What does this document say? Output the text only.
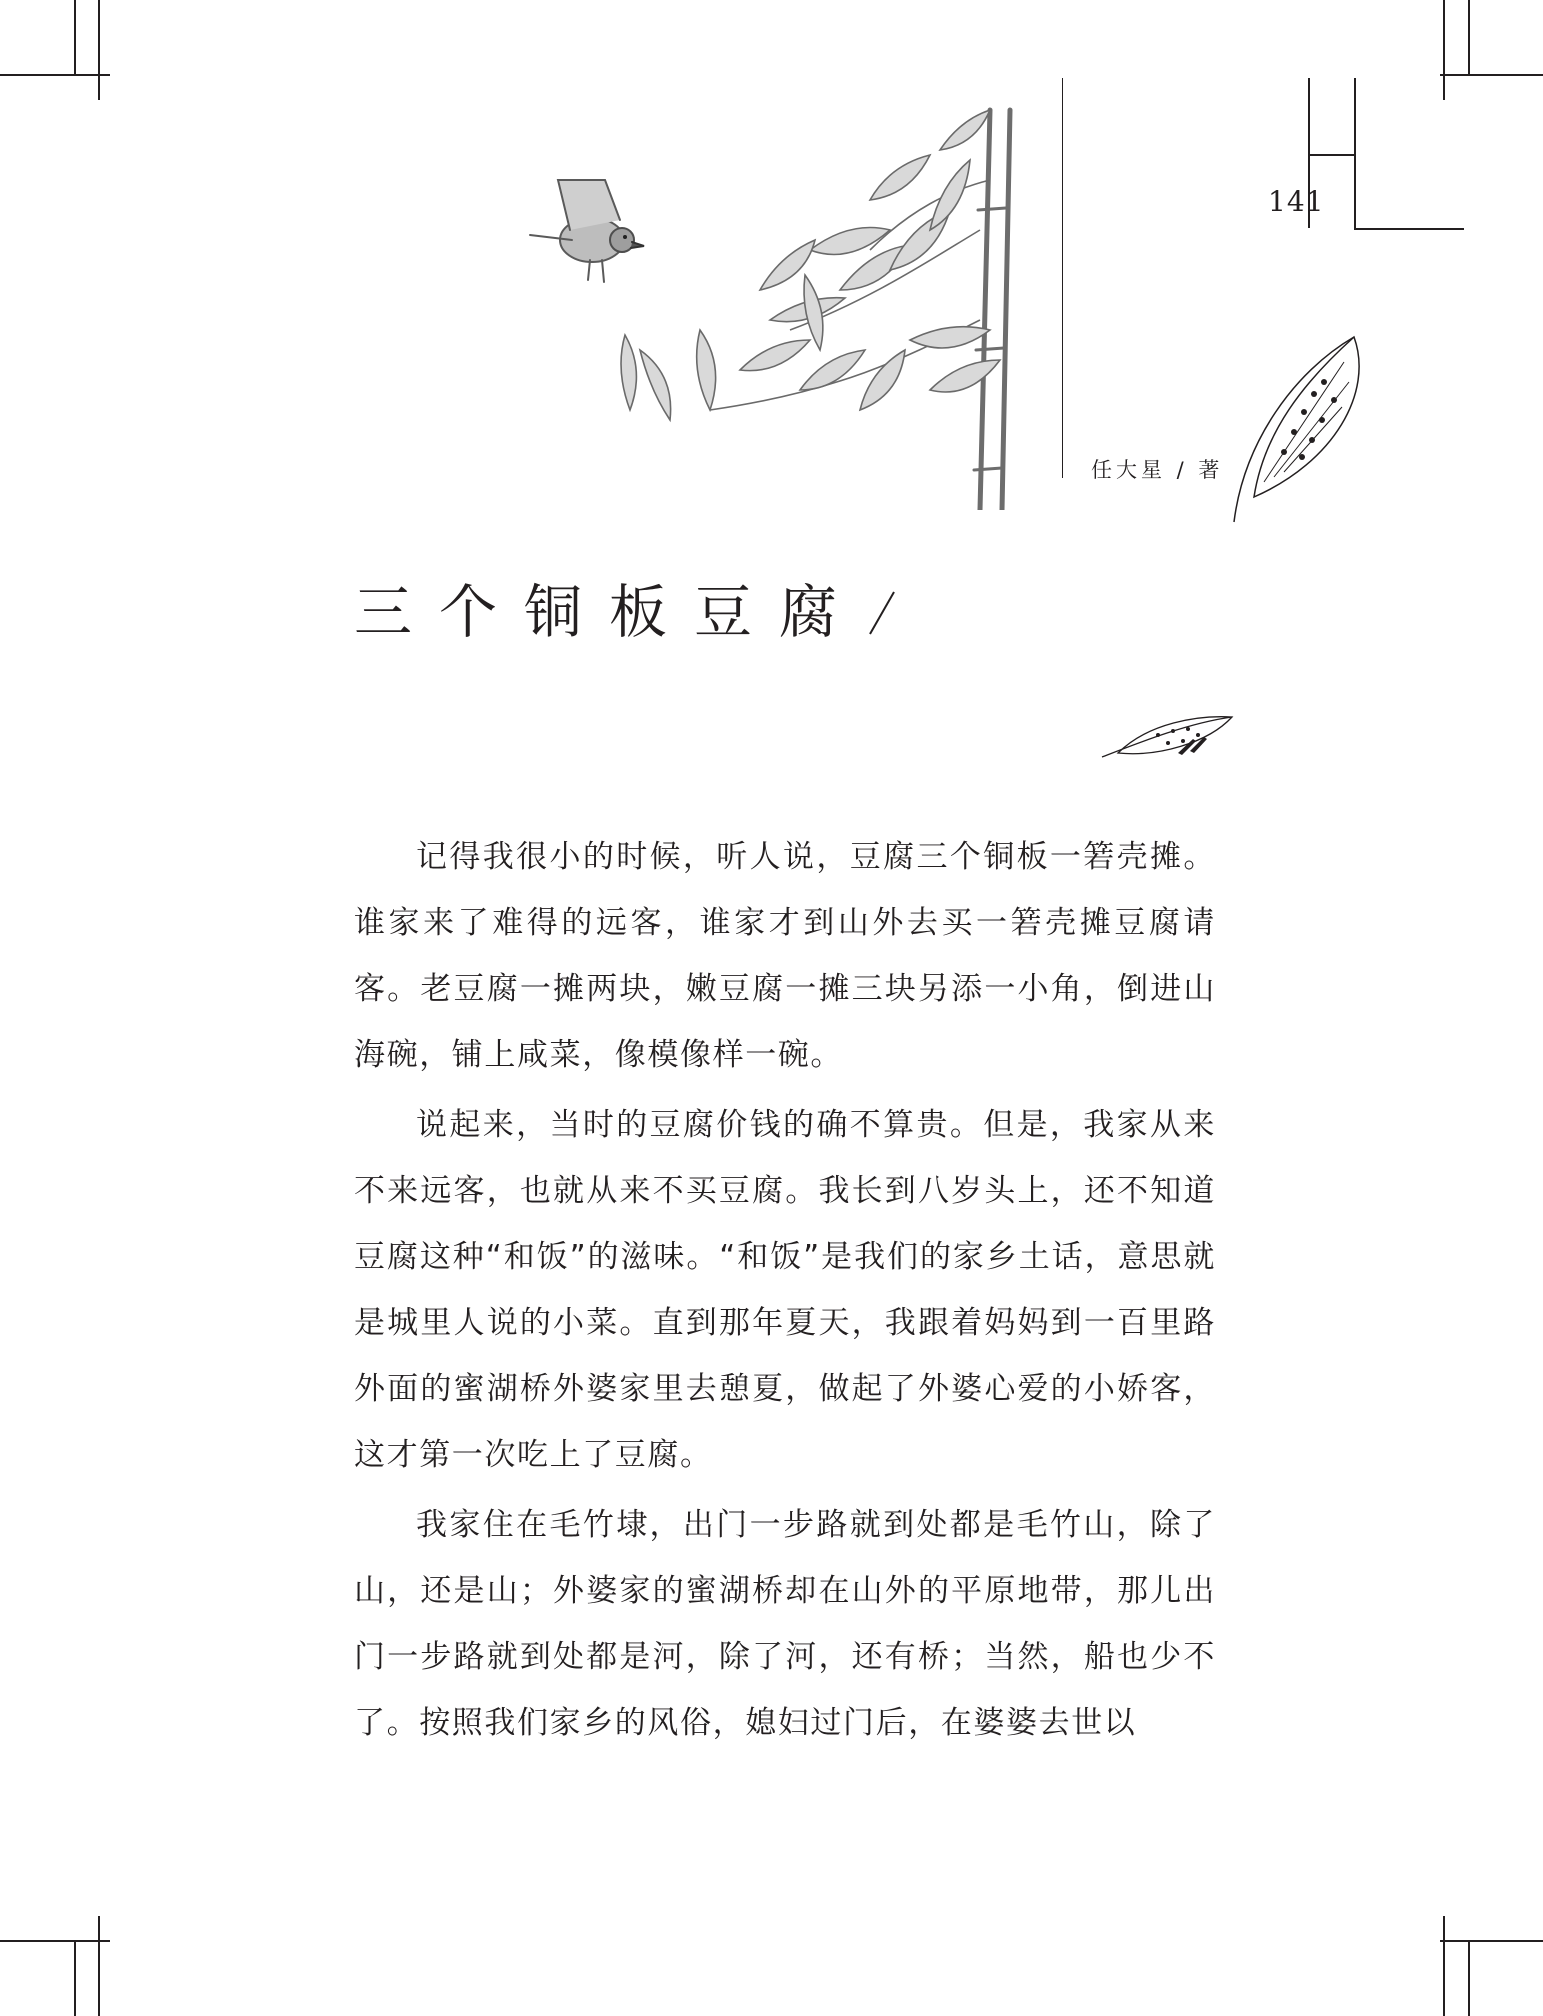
141
任大星 / 著
三个铜板豆腐

记得我很小的时候，听人说，豆腐三个铜板一箬壳摊。谁家来了难得的远客，谁家才到山外去买一箬壳摊豆腐请客。老豆腐一摊两块，嫩豆腐一摊三块另添一小角，倒进山海碗，铺上咸菜，像模像样一碗。

说起来，当时的豆腐价钱的确不算贵。但是，我家从来不来远客，也就从来不买豆腐。我长到八岁头上，还不知道豆腐这种“和饭”的滋味。“和饭”是我们的家乡土话，意思就是城里人说的小菜。直到那年夏天，我跟着妈妈到一百里路外面的蜜湖桥外婆家里去憩夏，做起了外婆心爱的小娇客，这才第一次吃上了豆腐。

我家住在毛竹埭，出门一步路就到处都是毛竹山，除了山，还是山；外婆家的蜜湖桥却在山外的平原地带，那儿出门一步路就到处都是河，除了河，还有桥；当然，船也少不了。按照我们家乡的风俗，媳妇过门后，在婆婆去世以
